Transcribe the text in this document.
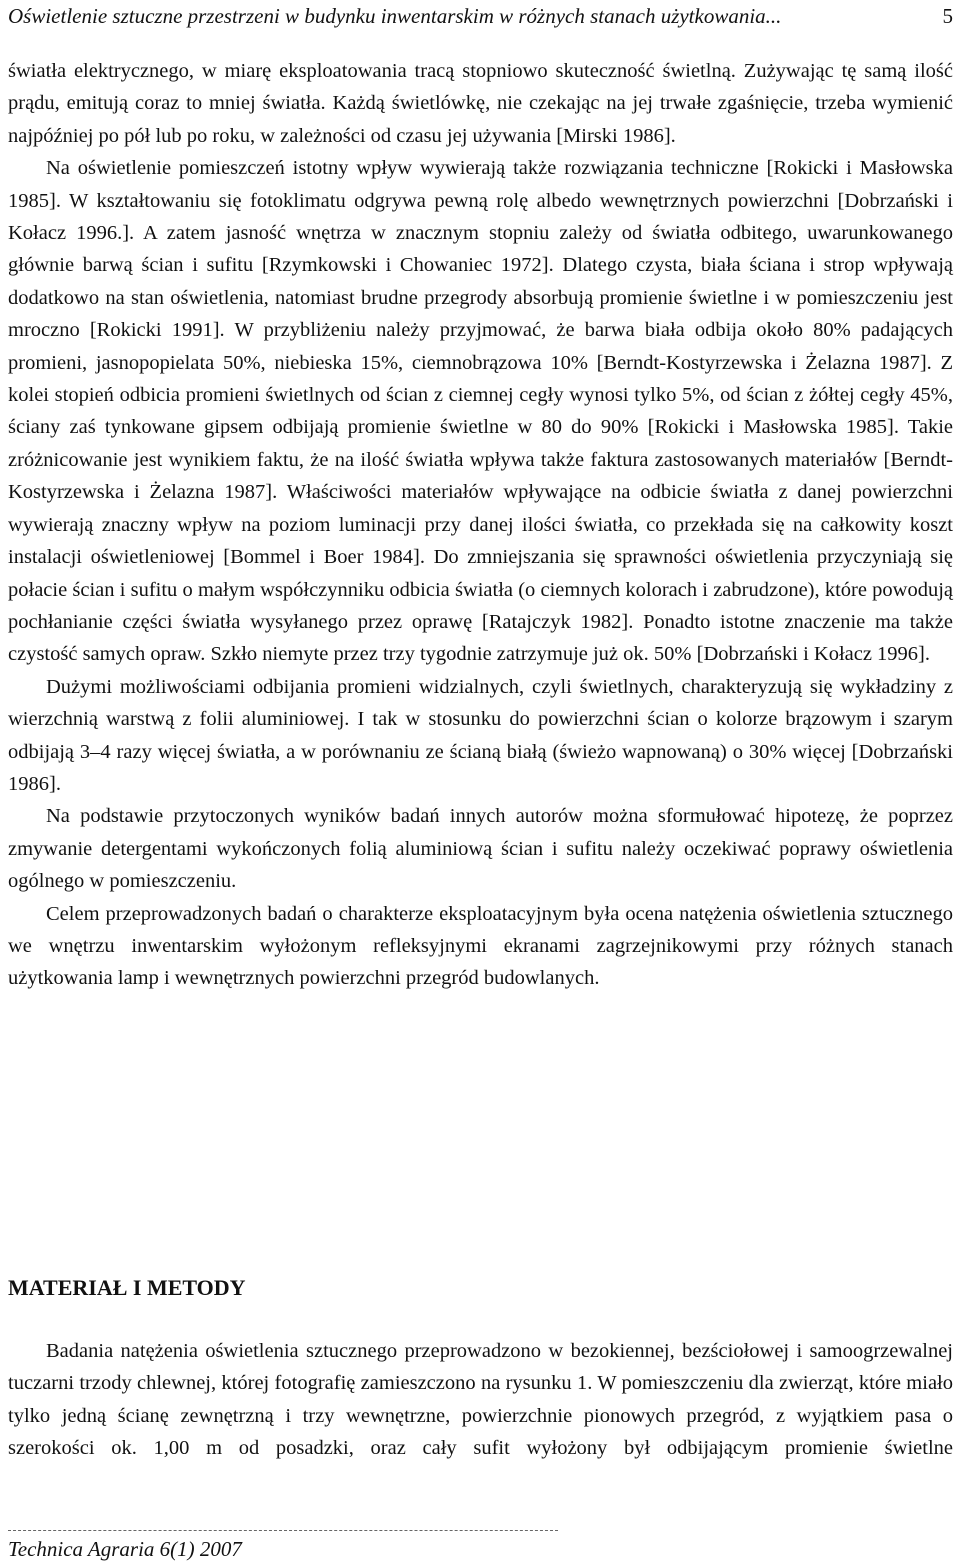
Oświetlenie sztuczne przestrzeni w budynku inwentarskim w różnych stanach użytkowania...	5

światła elektrycznego, w miarę eksploatowania tracą stopniowo skuteczność świetlną. Zużywając tę samą ilość prądu, emitują coraz to mniej światła. Każdą świetlówkę, nie czekając na jej trwałe zgaśnięcie, trzeba wymienić najpóźniej po pół lub po roku, w zależności od czasu jej używania [Mirski 1986].

Na oświetlenie pomieszczeń istotny wpływ wywierają także rozwiązania techniczne [Rokicki i Masłowska 1985]. W kształtowaniu się fotoklimatu odgrywa pewną rolę albedo wewnętrznych powierzchni [Dobrzański i Kołacz 1996.]. A zatem jasność wnętrza w znacznym stopniu zależy od światła odbitego, uwarunkowanego głównie barwą ścian i sufitu [Rzymkowski i Chowaniec 1972]. Dlatego czysta, biała ściana i strop wpływają dodatkowo na stan oświetlenia, natomiast brudne przegrody absorbują promienie świetlne i w pomieszczeniu jest mroczno [Rokicki 1991]. W przybliżeniu należy przyjmować, że barwa biała odbija około 80% padających promieni, jasnopopielata 50%, niebieska 15%, ciemnobrązowa 10% [Berndt-Kostyrzewska i Żelazna 1987]. Z kolei stopień odbicia promieni świetlnych od ścian z ciemnej cegły wynosi tylko 5%, od ścian z żółtej cegły 45%, ściany zaś tynkowane gipsem odbijają promienie świetlne w 80 do 90% [Rokicki i Masłowska 1985]. Takie zróżnicowanie jest wynikiem faktu, że na ilość światła wpływa także faktura zastosowanych materiałów [Berndt-Kostyrzewska i Żelazna 1987]. Właściwości materiałów wpływające na odbicie światła z danej powierzchni wywierają znaczny wpływ na poziom luminacji przy danej ilości światła, co przekłada się na całkowity koszt instalacji oświetleniowej [Bommel i Boer 1984]. Do zmniejszania się sprawności oświetlenia przyczyniają się połacie ścian i sufitu o małym współczynniku odbicia światła (o ciemnych kolorach i zabrudzone), które powodują pochłanianie części światła wysyłanego przez oprawę [Ratajczyk 1982]. Ponadto istotne znaczenie ma także czystość samych opraw. Szkło niemyte przez trzy tygodnie zatrzymuje już ok. 50% [Dobrzański i Kołacz 1996].

Dużymi możliwościami odbijania promieni widzialnych, czyli świetlnych, charakteryzują się wykładziny z wierzchnią warstwą z folii aluminiowej. I tak w stosunku do powierzchni ścian o kolorze brązowym i szarym odbijają 3–4 razy więcej światła, a w porównaniu ze ścianą białą (świeżo wapnowaną) o 30% więcej [Dobrzański 1986].

Na podstawie przytoczonych wyników badań innych autorów można sformułować hipotezę, że poprzez zmywanie detergentami wykończonych folią aluminiową ścian i sufitu należy oczekiwać poprawy oświetlenia ogólnego w pomieszczeniu.

Celem przeprowadzonych badań o charakterze eksploatacyjnym była ocena natężenia oświetlenia sztucznego we wnętrzu inwentarskim wyłożonym refleksyjnymi ekranami zagrzejnikowymi przy różnych stanach użytkowania lamp i wewnętrznych powierzchni przegród budowlanych.

MATERIAŁ I METODY

Badania natężenia oświetlenia sztucznego przeprowadzono w bezokiennej, bezściołowej i samoogrzewalnej tuczarni trzody chlewnej, której fotografię zamieszczono na rysunku 1. W pomieszczeniu dla zwierząt, które miało tylko jedną ścianę zewnętrzną i trzy wewnętrzne, powierzchnie pionowych przegród, z wyjątkiem pasa o szerokości ok. 1,00 m od posadzki, oraz cały sufit wyłożony był odbijającym promienie świetlne

Technica Agraria 6(1) 2007
